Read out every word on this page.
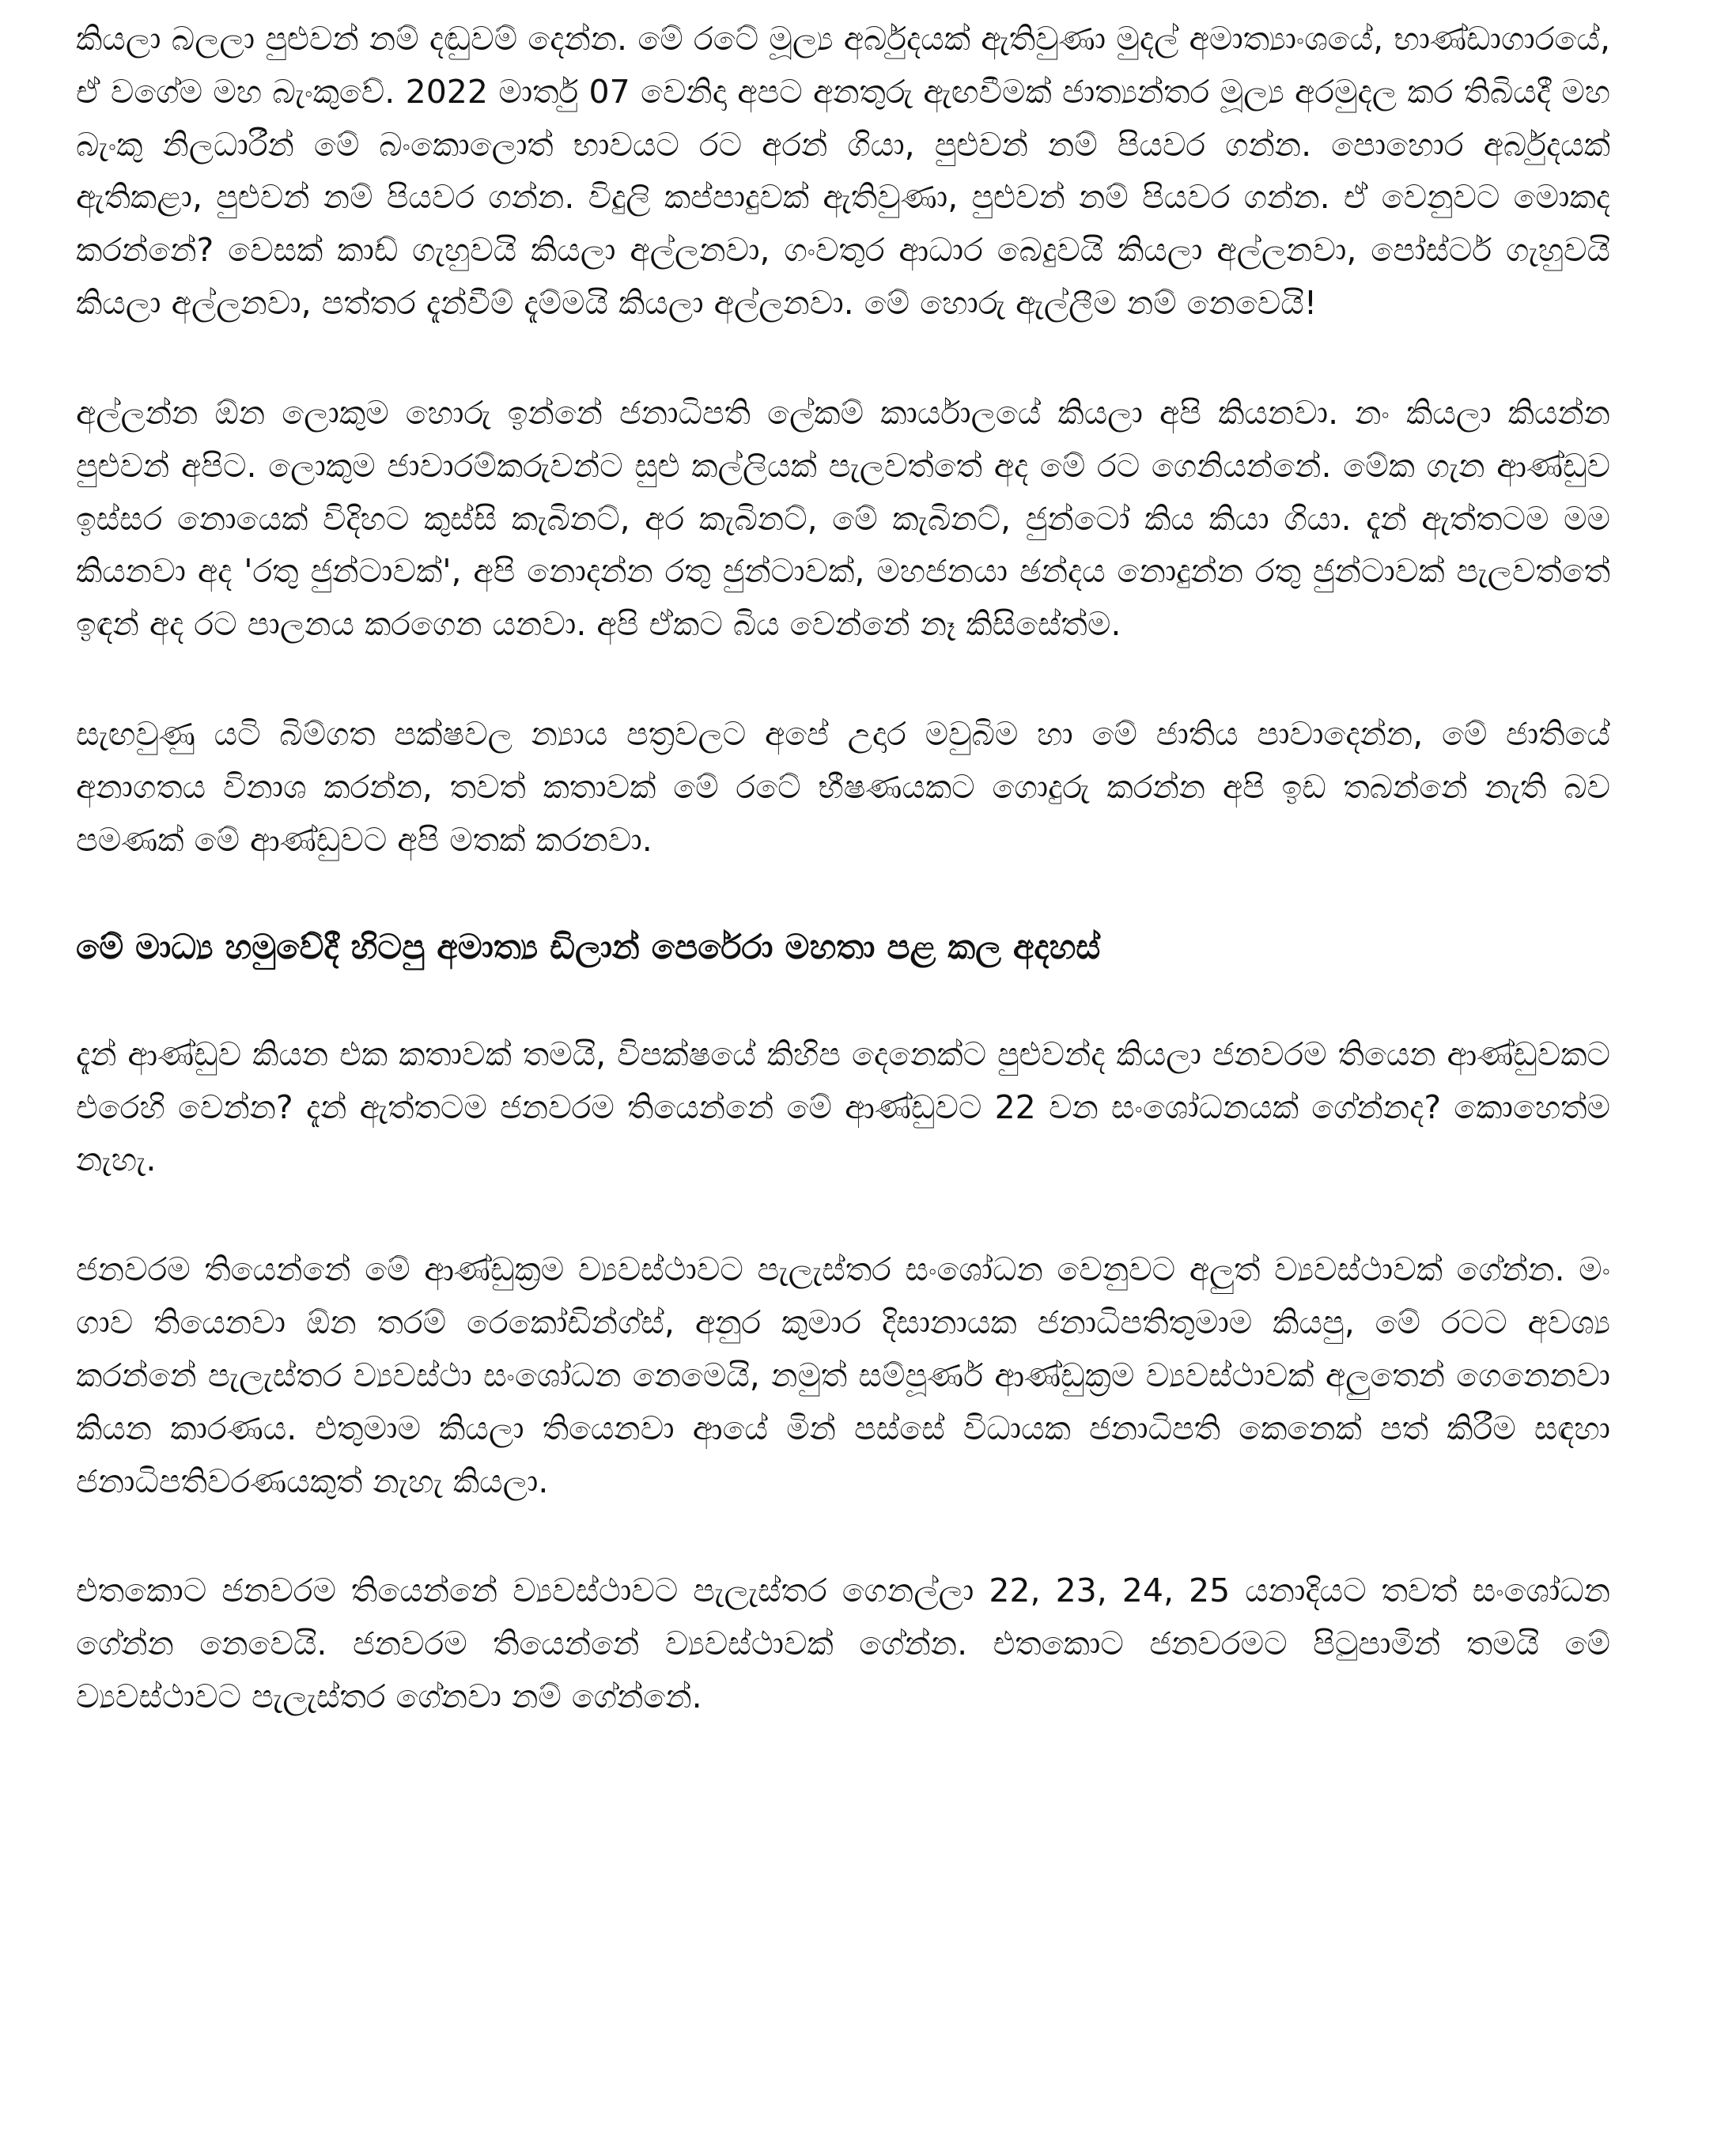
කියලා බලලා පුළුවන් නම් දඬුවම් දෙන්න. මේ රටේ මූල්‍ය අර්බුදයක් ඇතිවුණා මුදල් අමාත්‍යාංශයේ, භාණ්ඩාගාරයේ, ඒ වගේම මහ බැංකුවේ. 2022 මාර්තු 07 වෙනිදා අපට අනතුරු ඇඟවීමක් ජාත්‍යන්තර මූල්‍ය අරමුදල කර තිබියදී මහ බැංකු නිලධාරීන් මේ බංකොලොත් භාවයට රට අරන් ගියා, පුළුවන් නම් පියවර ගන්න. පොහොර අර්බුදයක් ඇතිකළා, පුළුවන් නම් පියවර ගන්න. විදුලි කප්පාදුවක් ඇතිවුණා, පුළුවන් නම් පියවර ගන්න. ඒ වෙනුවට මොකද කරන්නේ? වෙසක් කාඩ් ගැහුවයි කියලා අල්ලනවා, ගංවතුර ආධාර බෙදුවයි කියලා අල්ලනවා, පෝස්ටර් ගැහුවයි කියලා අල්ලනවා, පත්තර දැන්වීම් දැම්මයි කියලා අල්ලනවා. මේ හොරු ඇල්ලීම නම් නෙවෙයි!

අල්ලන්න ඕන ලොකුම හොරු ඉන්නේ ජනාධිපති ලේකම් කාර්යාලයේ කියලා අපි කියනවා. නං කියලා කියන්න පුළුවන් අපිට. ලොකුම ජාවාරම්කරුවන්ට සුළු කල්ලියක් පැලවත්තේ අද මේ රට ගෙනියන්නේ. මේක ගැන ආණ්ඩුව ඉස්සර නොයෙක් විදිහට කුස්සි කැබිනට්, අර කැබිනට්, මේ කැබිනට්, ජුන්ටෝ කිය කියා ගියා. දැන් ඇත්තටම මම කියනවා අද 'රතු ජුන්ටාවක්', අපි නොදන්න රතු ජුන්ටාවක්, මහජනයා ඡන්දය නොදුන්න රතු ජුන්ටාවක් පැලවත්තේ ඉඳන් අද රට පාලනය කරගෙන යනවා. අපි ඒකට බිය වෙන්නේ නෑ කිසිසේත්ම.

සැඟවුණු යටි බිම්ගත පක්ෂවල න්‍යාය පත්‍රවලට අපේ උදාර මවුබිම හා මේ ජාතිය පාවාදෙන්න, මේ ජාතියේ අනාගතය විනාශ කරන්න, තවත් කතාවක් මේ රටේ භීෂණයකට ගොදුරු කරන්න අපි ඉඩ තබන්නේ නැති බව පමණක් මේ ආණ්ඩුවට අපි මතක් කරනවා.

මේ මාධ්‍ය හමුවේදී හිටපු අමාත්‍ය ඩිලාන් පෙරේරා මහතා පළ කල අදහස්

දැන් ආණ්ඩුව කියන එක කතාවක් තමයි, විපක්ෂයේ කිහිප දෙනෙක්ට පුළුවන්ද කියලා ජනවරම තියෙන ආණ්ඩුවකට එරෙහි වෙන්න? දැන් ඇත්තටම ජනවරම තියෙන්නේ මේ ආණ්ඩුවට 22 වන සංශෝධනයක් ගේන්නද? කොහෙත්ම නැහැ.

ජනවරම තියෙන්නේ මේ ආණ්ඩුක්‍රම ව්‍යවස්ථාවට පැලැස්තර සංශෝධන වෙනුවට අලුත් ව්‍යවස්ථාවක් ගේන්න. මං ගාව තියෙනවා ඕන තරම් රෙකෝඩින්ග්ස්, අනුර කුමාර දිසානායක ජනාධිපතිතුමාම කියපු, මේ රටට අවශ්‍ය කරන්නේ පැලැස්තර ව්‍යවස්ථා සංශෝධන නෙමෙයි, නමුත් සම්පූර්ණ ආණ්ඩුක්‍රම ව්‍යවස්ථාවක් අලුතෙන් ගෙනෙනවා කියන කාරණය. එතුමාම කියලා තියෙනවා ආයේ මින් පස්සේ විධායක ජනාධිපති කෙනෙක් පත් කිරීම සඳහා ජනාධිපතිවරණයකුත් නැහැ කියලා.

එතකොට ජනවරම තියෙන්නේ ව්‍යවස්ථාවට පැලැස්තර ගෙනල්ලා 22, 23, 24, 25 යනාදියට තවත් සංශෝධන ගේන්න නෙවෙයි. ජනවරම තියෙන්නේ ව්‍යවස්ථාවක් ගේන්න. එතකොට ජනවරමට පිටුපාමින් තමයි මේ ව්‍යවස්ථාවට පැලැස්තර ගේනවා නම් ගේන්නේ.
